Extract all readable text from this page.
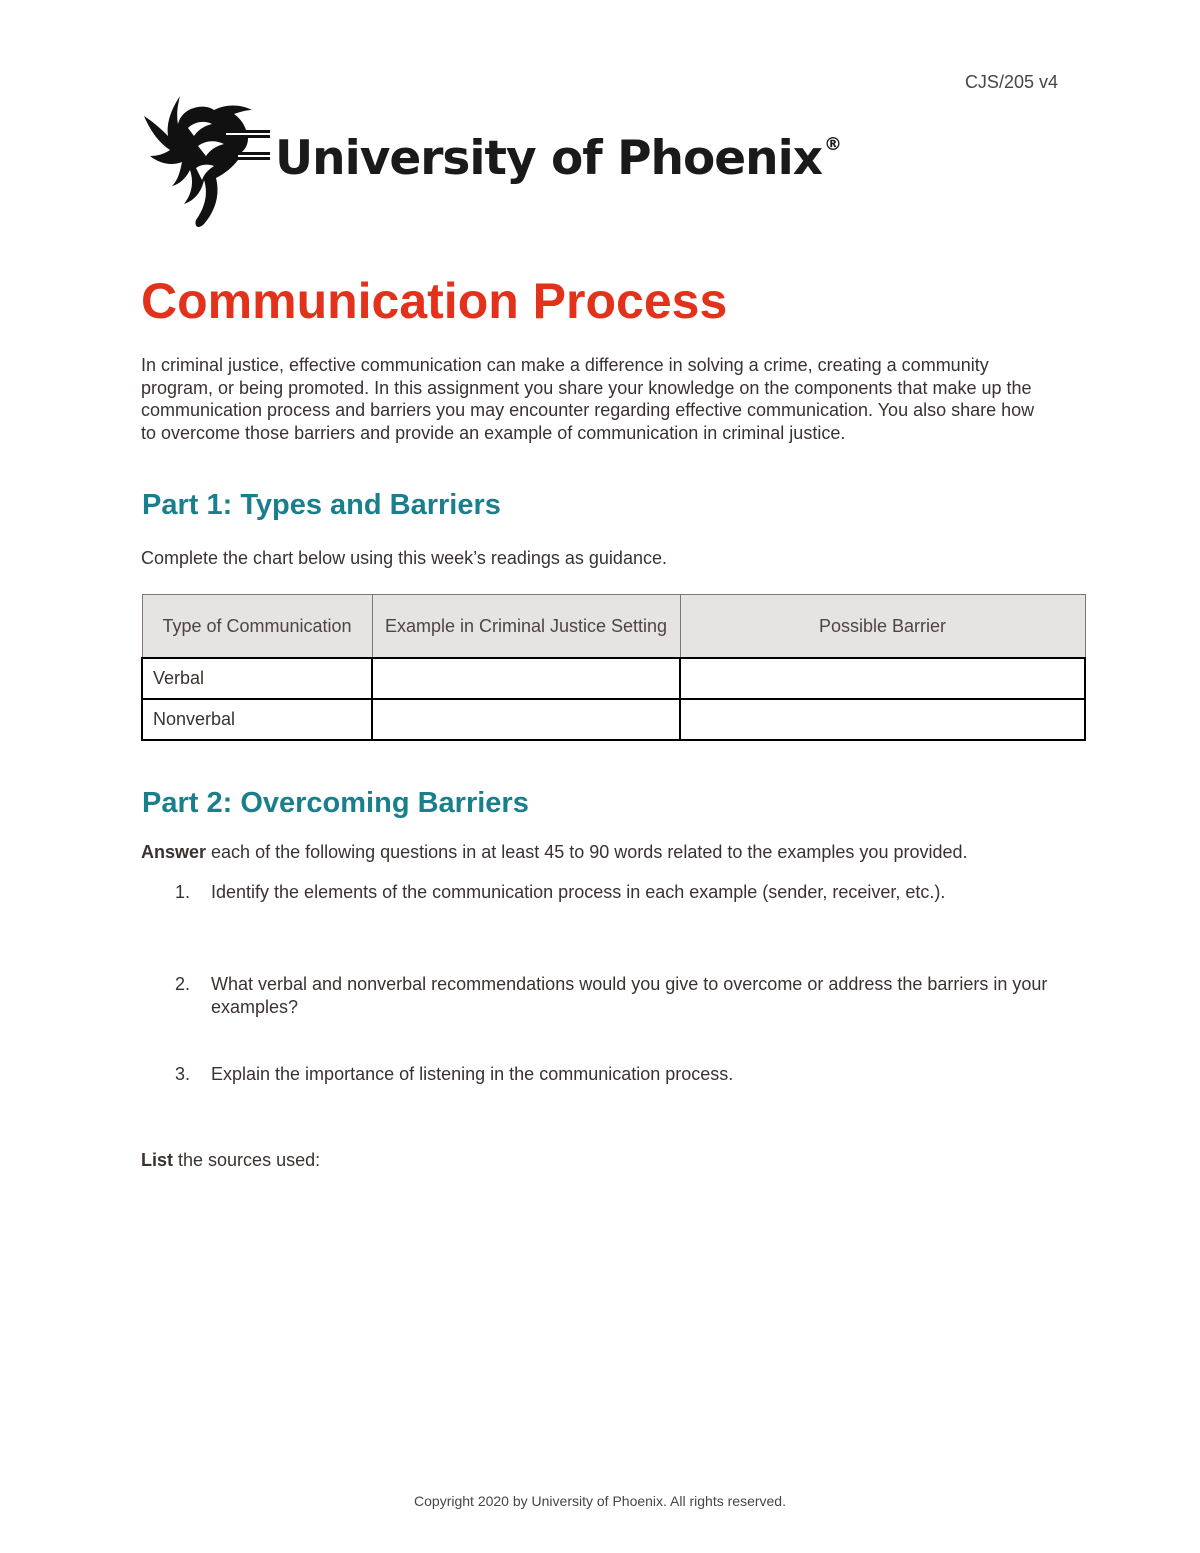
CJS/205 v4
University of Phoenix ®
Communication Process

In criminal justice, effective communication can make a difference in solving a crime, creating a community program, or being promoted. In this assignment you share your knowledge on the components that make up the communication process and barriers you may encounter regarding effective communication. You also share how to overcome those barriers and provide an example of communication in criminal justice.

Part 1: Types and Barriers
Complete the chart below using this week’s readings as guidance.
Type of Communication	Example in Criminal Justice Setting	Possible Barrier
Verbal		
Nonverbal		
Part 2: Overcoming Barriers
Answer each of the following questions in at least 45 to 90 words related to the examples you provided.
1. Identify the elements of the communication process in each example (sender, receiver, etc.).
2. What verbal and nonverbal recommendations would you give to overcome or address the barriers in your examples?
3. Explain the importance of listening in the communication process.
List the sources used:
Copyright 2020 by University of Phoenix. All rights reserved.
